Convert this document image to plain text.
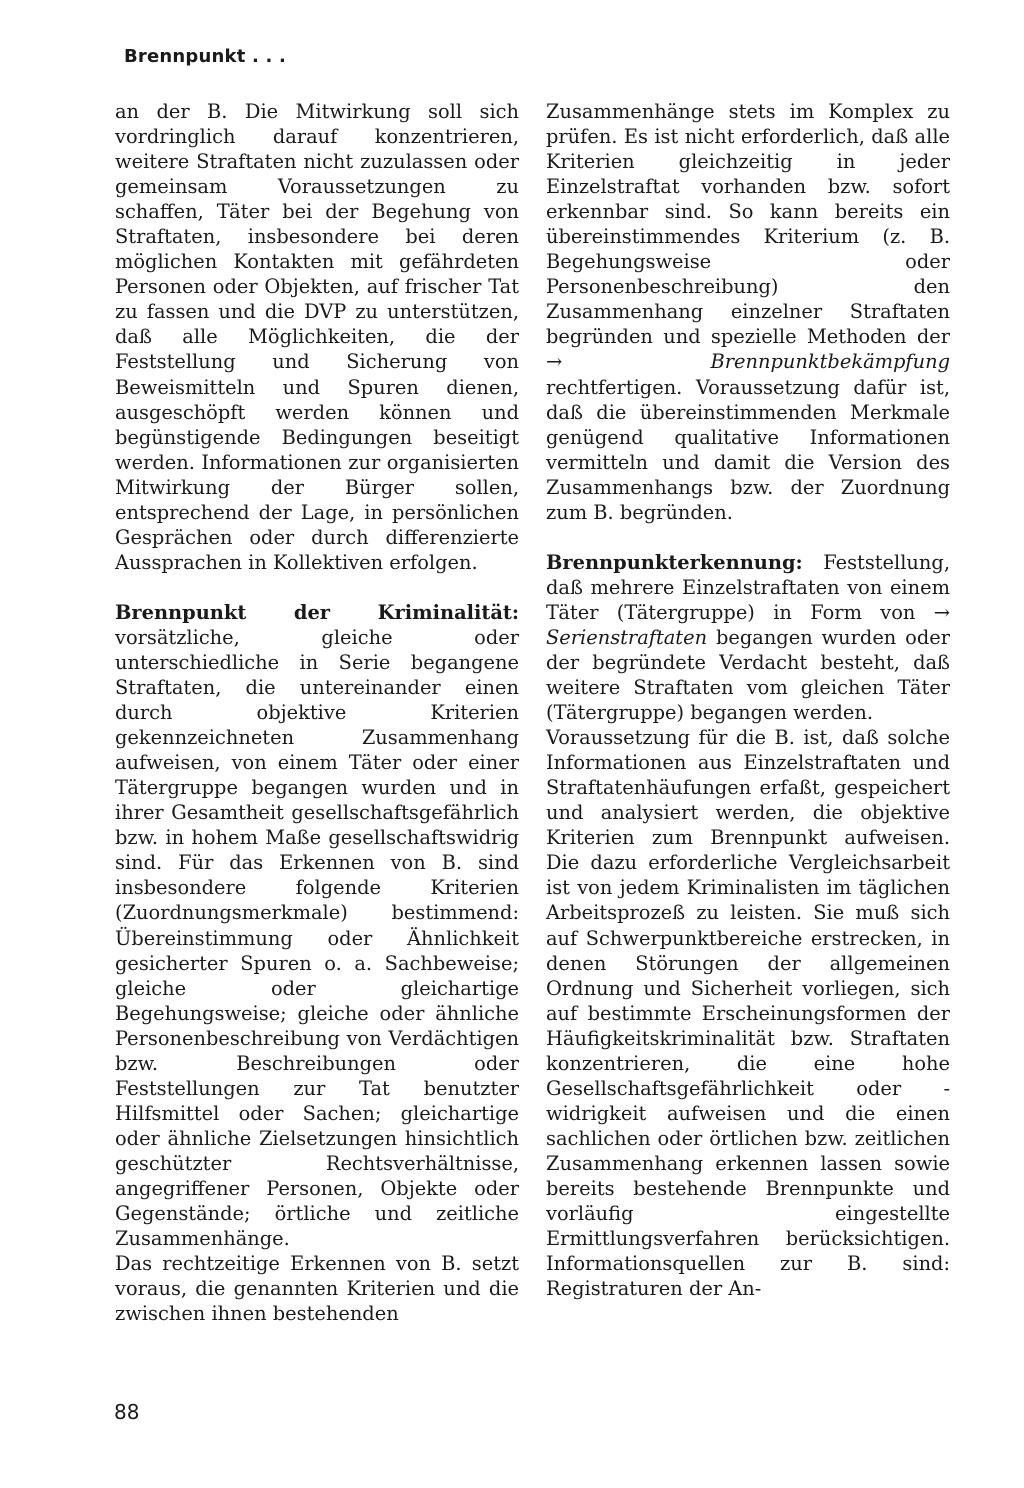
Brennpunkt . . .

an der B. Die Mitwirkung soll sich vordringlich darauf konzentrieren, weitere Straftaten nicht zuzulassen oder gemeinsam Voraussetzungen zu schaffen, Täter bei der Begehung von Straftaten, insbesondere bei deren möglichen Kontakten mit gefährdeten Personen oder Objekten, auf frischer Tat zu fassen und die DVP zu unterstützen, daß alle Möglichkeiten, die der Feststellung und Sicherung von Beweismitteln und Spuren dienen, ausgeschöpft werden können und begünstigende Bedingungen beseitigt werden. Informationen zur organisierten Mitwirkung der Bürger sollen, entsprechend der Lage, in persönlichen Gesprächen oder durch differenzierte Aussprachen in Kollektiven erfolgen.

Brennpunkt der Kriminalität: vorsätzliche, gleiche oder unterschiedliche in Serie begangene Straftaten, die untereinander einen durch objektive Kriterien gekennzeichneten Zusammenhang aufweisen, von einem Täter oder einer Tätergruppe begangen wurden und in ihrer Gesamtheit gesellschaftsgefährlich bzw. in hohem Maße gesellschaftswidrig sind. Für das Erkennen von B. sind insbesondere folgende Kriterien (Zuordnungsmerkmale) bestimmend: Übereinstimmung oder Ähnlichkeit gesicherter Spuren o. a. Sachbeweise; gleiche oder gleichartige Begehungsweise; gleiche oder ähnliche Personenbeschreibung von Verdächtigen bzw. Beschreibungen oder Feststellungen zur Tat benutzter Hilfsmittel oder Sachen; gleichartige oder ähnliche Zielsetzungen hinsichtlich geschützter Rechtsverhältnisse, angegriffener Personen, Objekte oder Gegenstände; örtliche und zeitliche Zusammenhänge.

Das rechtzeitige Erkennen von B. setzt voraus, die genannten Kriterien und die zwischen ihnen bestehenden

Zusammenhänge stets im Komplex zu prüfen. Es ist nicht erforderlich, daß alle Kriterien gleichzeitig in jeder Einzelstraftat vorhanden bzw. sofort erkennbar sind. So kann bereits ein übereinstimmendes Kriterium (z. B. Begehungsweise oder Personenbeschreibung) den Zusammenhang einzelner Straftaten begründen und spezielle Methoden der →	Brennpunktbekämpfung rechtfertigen. Voraussetzung dafür ist, daß die übereinstimmenden Merkmale genügend qualitative Informationen vermitteln und damit die Version des Zusammenhangs bzw. der Zuordnung zum B. begründen.

Brennpunkterkennung: Feststellung, daß mehrere Einzelstraftaten von einem Täter (Tätergruppe) in Form von → Serienstraftaten begangen wurden oder der begründete Verdacht besteht, daß weitere Straftaten vom gleichen Täter (Tätergruppe) begangen werden.

Voraussetzung für die B. ist, daß solche Informationen aus Einzelstraftaten und Straftatenhäufungen erfaßt, gespeichert und analysiert werden, die objektive Kriterien zum Brennpunkt aufweisen. Die dazu erforderliche Vergleichsarbeit ist von jedem Kriminalisten im täglichen Arbeitsprozeß zu leisten. Sie muß sich auf Schwerpunktbereiche erstrecken, in denen Störungen der allgemeinen Ordnung und Sicherheit vorliegen, sich auf bestimmte Erscheinungsformen der Häufigkeitskriminalität bzw. Straftaten konzentrieren, die eine hohe Gesellschaftsgefährlichkeit oder -widrigkeit aufweisen und die einen sachlichen oder örtlichen bzw. zeitlichen Zusammenhang erkennen lassen sowie bereits bestehende Brennpunkte und vorläufig eingestellte Ermittlungsverfahren berücksichtigen. Informationsquellen zur B. sind: Registraturen der An-

88
